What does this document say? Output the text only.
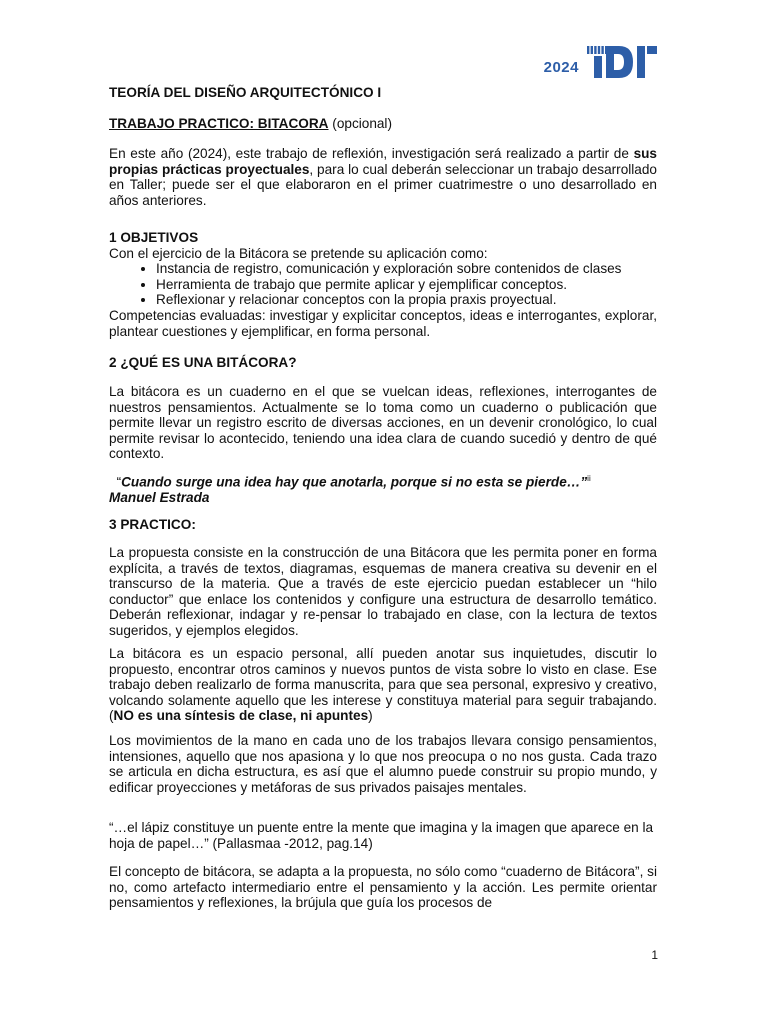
2024

TEORÍA DEL DISEÑO ARQUITECTÓNICO I

TRABAJO PRACTICO: BITACORA (opcional)

En este año (2024), este trabajo de reflexión, investigación será realizado a partir de sus propias prácticas proyectuales, para lo cual deberán seleccionar un trabajo desarrollado en Taller; puede ser el que elaboraron en el primer cuatrimestre o uno desarrollado en años anteriores.

1 OBJETIVOS

Con el ejercicio de la Bitácora se pretende su aplicación como:

• Instancia de registro, comunicación y exploración sobre contenidos de clases
• Herramienta de trabajo que permite aplicar y ejemplificar conceptos.
• Reflexionar y relacionar conceptos con la propia praxis proyectual.

Competencias evaluadas: investigar y explicitar conceptos, ideas e interrogantes, explorar, plantear cuestiones y ejemplificar, en forma personal.

2 ¿QUÉ ES UNA BITÁCORA?

La bitácora es un cuaderno en el que se vuelcan ideas, reflexiones, interrogantes de nuestros pensamientos. Actualmente se lo toma como un cuaderno o publicación que permite llevar un registro escrito de diversas acciones, en un devenir cronológico, lo cual permite revisar lo acontecido, teniendo una idea clara de cuando sucedió y dentro de qué contexto.

“Cuando surge una idea hay que anotarla, porque si no esta se pierde…”$^{ii}$

Manuel Estrada

3 PRACTICO:

La propuesta consiste en la construcción de una Bitácora que les permita poner en forma explícita, a través de textos, diagramas, esquemas de manera creativa su devenir en el transcurso de la materia. Que a través de este ejercicio puedan establecer un “hilo conductor” que enlace los contenidos y configure una estructura de desarrollo temático. Deberán reflexionar, indagar y re-pensar lo trabajado en clase, con la lectura de textos sugeridos, y ejemplos elegidos.

La bitácora es un espacio personal, allí pueden anotar sus inquietudes, discutir lo propuesto, encontrar otros caminos y nuevos puntos de vista sobre lo visto en clase. Ese trabajo deben realizarlo de forma manuscrita, para que sea personal, expresivo y creativo, volcando solamente aquello que les interese y constituya material para seguir trabajando. (NO es una síntesis de clase, ni apuntes)

Los movimientos de la mano en cada uno de los trabajos llevara consigo pensamientos, intensiones, aquello que nos apasiona y lo que nos preocupa o no nos gusta. Cada trazo se articula en dicha estructura, es así que el alumno puede construir su propio mundo, y edificar proyecciones y metáforas de sus privados paisajes mentales.

“…el lápiz constituye un puente entre la mente que imagina y la imagen que aparece en la hoja de papel…” (Pallasmaa -2012, pag.14)

El concepto de bitácora, se adapta a la propuesta, no sólo como “cuaderno de Bitácora”, si no, como artefacto intermediario entre el pensamiento y la acción. Les permite orientar pensamientos y reflexiones, la brújula que guía los procesos de

1
